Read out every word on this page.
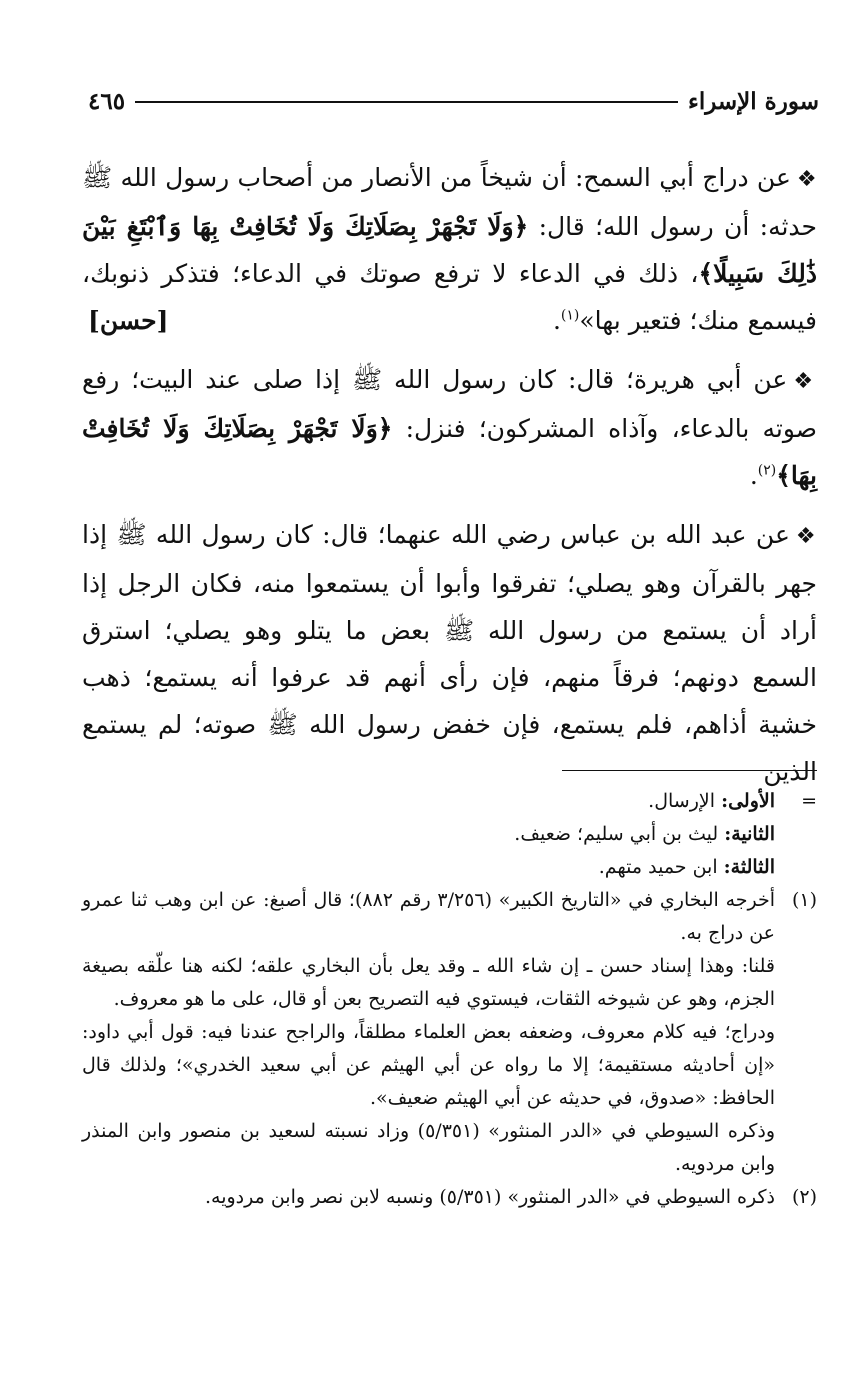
سورة الإسراء
٤٦٥

❖عن دراج أبي السمح: أن شيخاً من الأنصار من أصحاب رسول الله ﷺ حدثه: أن رسول الله؛ قال: ﴿وَلَا تَجْهَرْ بِصَلَاتِكَ وَلَا تُخَافِتْ بِهَا وَٱبْتَغِ بَيْنَ ذَٰلِكَ سَبِيلًا﴾، ذلك في الدعاء لا ترفع صوتك في الدعاء؛ فتذكر ذنوبك، فيسمع منك؛ فتعير بها»$^{(١)}$.
[حسن]

❖عن أبي هريرة؛ قال: كان رسول الله ﷺ إذا صلى عند البيت؛ رفع صوته بالدعاء، وآذاه المشركون؛ فنزل: ﴿وَلَا تَجْهَرْ بِصَلَاتِكَ وَلَا تُخَافِتْ بِهَا﴾$^{(٢)}$.

❖عن عبد الله بن عباس رضي الله عنهما؛ قال: كان رسول الله ﷺ إذا جهر بالقرآن وهو يصلي؛ تفرقوا وأبوا أن يستمعوا منه، فكان الرجل إذا أراد أن يستمع من رسول الله ﷺ بعض ما يتلو وهو يصلي؛ استرق السمع دونهم؛ فرقاً منهم، فإن رأى أنهم قد عرفوا أنه يستمع؛ ذهب خشية أذاهم، فلم يستمع، فإن خفض رسول الله ﷺ صوته؛ لم يستمع الذين

=
الأولى: الإرسال.
الثانية: ليث بن أبي سليم؛ ضعيف.
الثالثة: ابن حميد متهم.
(١)

أخرجه البخاري في «التاريخ الكبير» (٣/٢٥٦ رقم ٨٨٢)؛ قال أصبغ: عن ابن وهب ثنا عمرو عن دراج به.

قلنا: وهذا إسناد حسن ـ إن شاء الله ـ وقد يعل بأن البخاري علقه؛ لكنه هنا علّقه بصيغة الجزم، وهو عن شيوخه الثقات، فيستوي فيه التصريح بعن أو قال، على ما هو معروف.

ودراج؛ فيه كلام معروف، وضعفه بعض العلماء مطلقاً، والراجح عندنا فيه: قول أبي داود: «إن أحاديثه مستقيمة؛ إلا ما رواه عن أبي الهيثم عن أبي سعيد الخدري»؛ ولذلك قال الحافظ: «صدوق، في حديثه عن أبي الهيثم ضعيف».

وذكره السيوطي في «الدر المنثور» (٥/٣٥١) وزاد نسبته لسعيد بن منصور وابن المنذر وابن مردويه.

(٢)

ذكره السيوطي في «الدر المنثور» (٥/٣٥١) ونسبه لابن نصر وابن مردويه.
